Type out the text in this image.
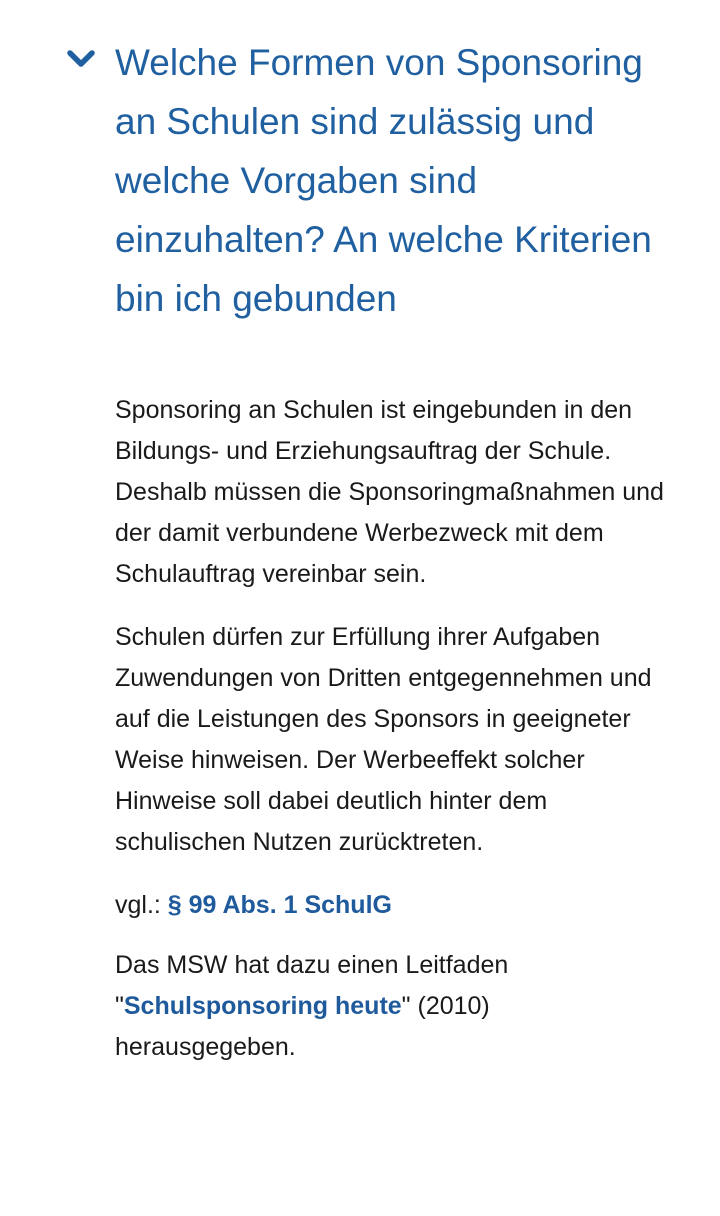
Welche Formen von Sponsoring an Schulen sind zulässig und welche Vorgaben sind einzuhalten? An welche Kriterien bin ich gebunden

Sponsoring an Schulen ist eingebunden in den Bildungs- und Erziehungsauftrag der Schule. Deshalb müssen die Sponsoringmaßnahmen und der damit verbundene Werbezweck mit dem Schulauftrag vereinbar sein.

Schulen dürfen zur Erfüllung ihrer Aufgaben Zuwendungen von Dritten entgegennehmen und auf die Leistungen des Sponsors in geeigneter Weise hinweisen. Der Werbeeffekt solcher Hinweise soll dabei deutlich hinter dem schulischen Nutzen zurücktreten.

vgl.: § 99 Abs. 1 SchulG

Das MSW hat dazu einen Leitfaden "Schulsponsoring heute" (2010) herausgegeben.
